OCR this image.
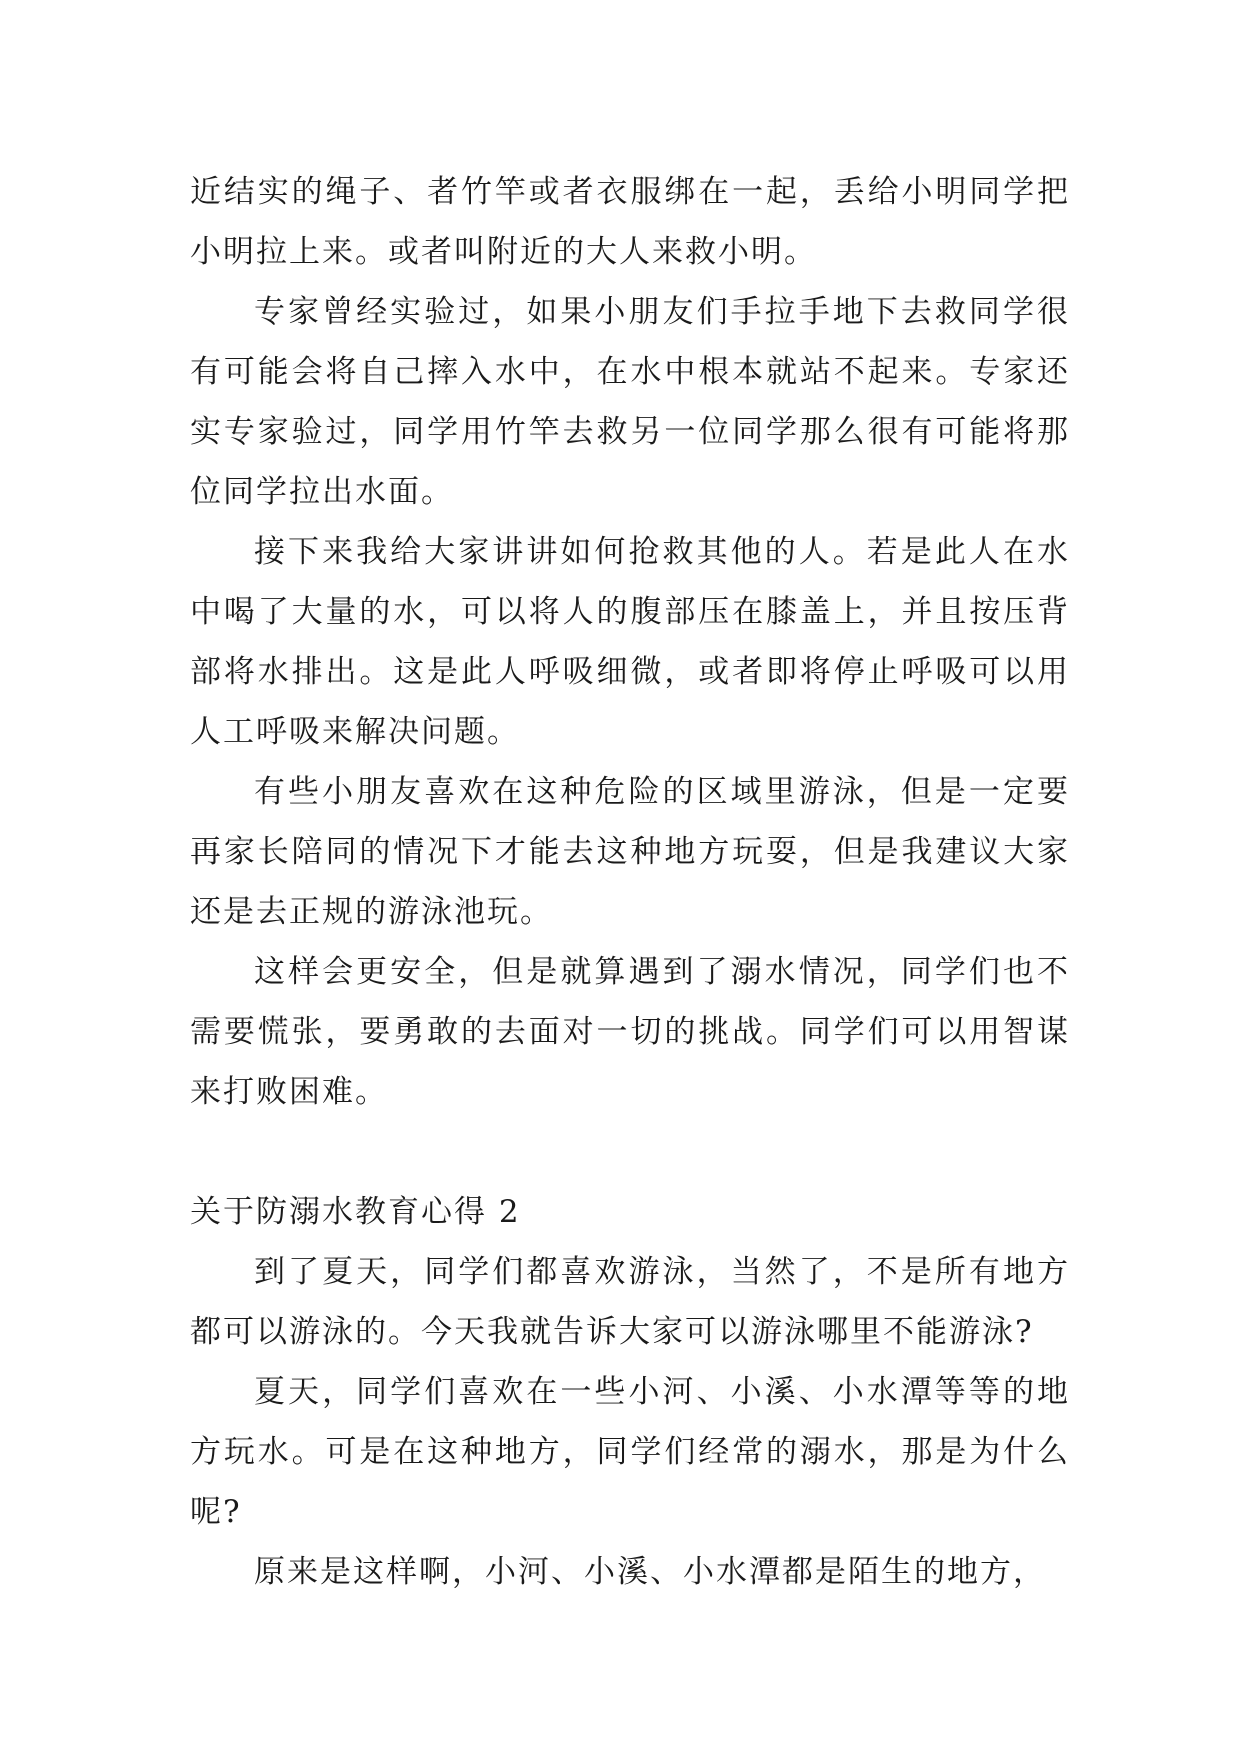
近结实的绳子、者竹竿或者衣服绑在一起，丢给小明同学把小明拉上来。或者叫附近的大人来救小明。

专家曾经实验过，如果小朋友们手拉手地下去救同学很有可能会将自己摔入水中，在水中根本就站不起来。专家还实专家验过，同学用竹竿去救另一位同学那么很有可能将那位同学拉出水面。

接下来我给大家讲讲如何抢救其他的人。若是此人在水中喝了大量的水，可以将人的腹部压在膝盖上，并且按压背部将水排出。这是此人呼吸细微，或者即将停止呼吸可以用人工呼吸来解决问题。

有些小朋友喜欢在这种危险的区域里游泳，但是一定要再家长陪同的情况下才能去这种地方玩耍，但是我建议大家还是去正规的游泳池玩。

这样会更安全，但是就算遇到了溺水情况，同学们也不需要慌张，要勇敢的去面对一切的挑战。同学们可以用智谋来打败困难。

关于防溺水教育心得 2

到了夏天，同学们都喜欢游泳，当然了，不是所有地方都可以游泳的。今天我就告诉大家可以游泳哪里不能游泳?

夏天，同学们喜欢在一些小河、小溪、小水潭等等的地方玩水。可是在这种地方，同学们经常的溺水，那是为什么呢?

原来是这样啊，小河、小溪、小水潭都是陌生的地方，
